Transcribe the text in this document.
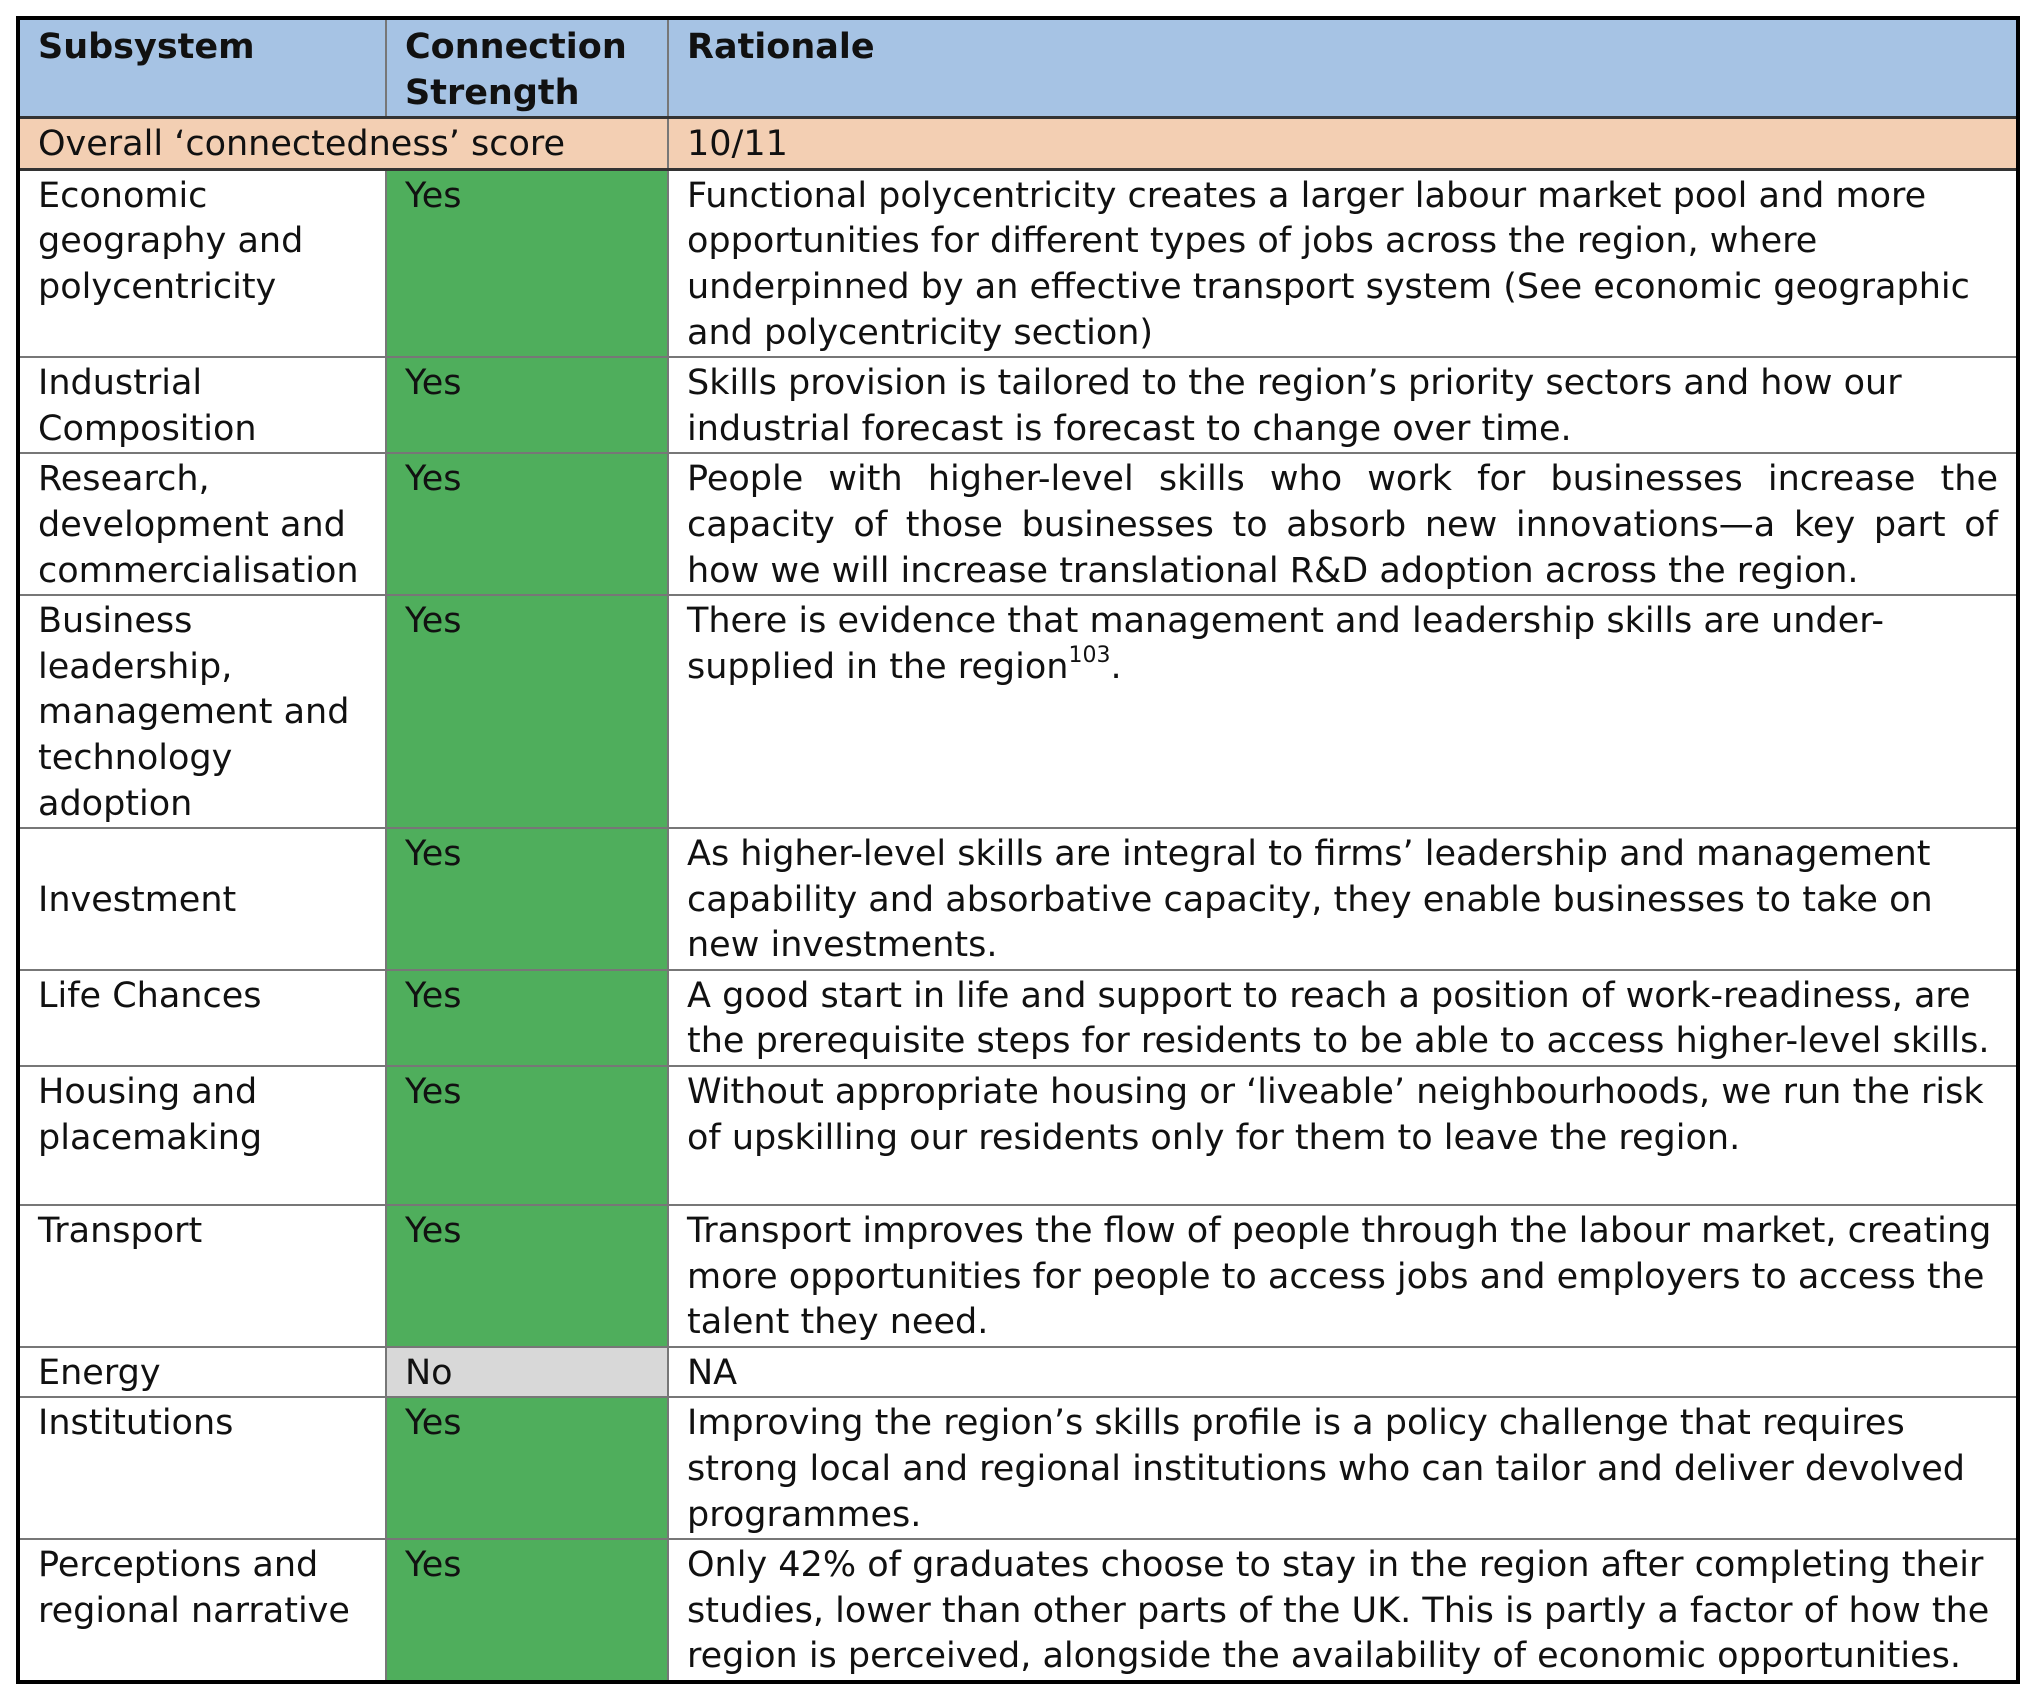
Subsystem	Connection Strength	Rationale
Overall ‘connectedness’ score		10/11
Economic geography and polycentricity	Yes	Functional polycentricity creates a larger labour market pool and more opportunities for different types of jobs across the region, where underpinned by an effective transport system (See economic geographic and polycentricity section)
Industrial Composition	Yes	Skills provision is tailored to the region’s priority sectors and how our industrial forecast is forecast to change over time.
Research, development and commercialisation	Yes	People with higher-level skills who work for businesses increase the capacity of those businesses to absorb new innovations—a key part of how we will increase translational R&D adoption across the region.
Business leadership, management and technology adoption	Yes	There is evidence that management and leadership skills are under-supplied in the region$^{103}$.
Investment	Yes	As higher-level skills are integral to firms’ leadership and management capability and absorbative capacity, they enable businesses to take on new investments.
Life Chances	Yes	A good start in life and support to reach a position of work-readiness, are the prerequisite steps for residents to be able to access higher-level skills.
Housing and placemaking	Yes	Without appropriate housing or ‘liveable’ neighbourhoods, we run the risk of upskilling our residents only for them to leave the region.
Transport	Yes	Transport improves the flow of people through the labour market, creating more opportunities for people to access jobs and employers to access the talent they need.
Energy	No	NA
Institutions	Yes	Improving the region’s skills profile is a policy challenge that requires strong local and regional institutions who can tailor and deliver devolved programmes.
Perceptions and regional narrative	Yes	Only 42% of graduates choose to stay in the region after completing their studies, lower than other parts of the UK. This is partly a factor of how the region is perceived, alongside the availability of economic opportunities.
